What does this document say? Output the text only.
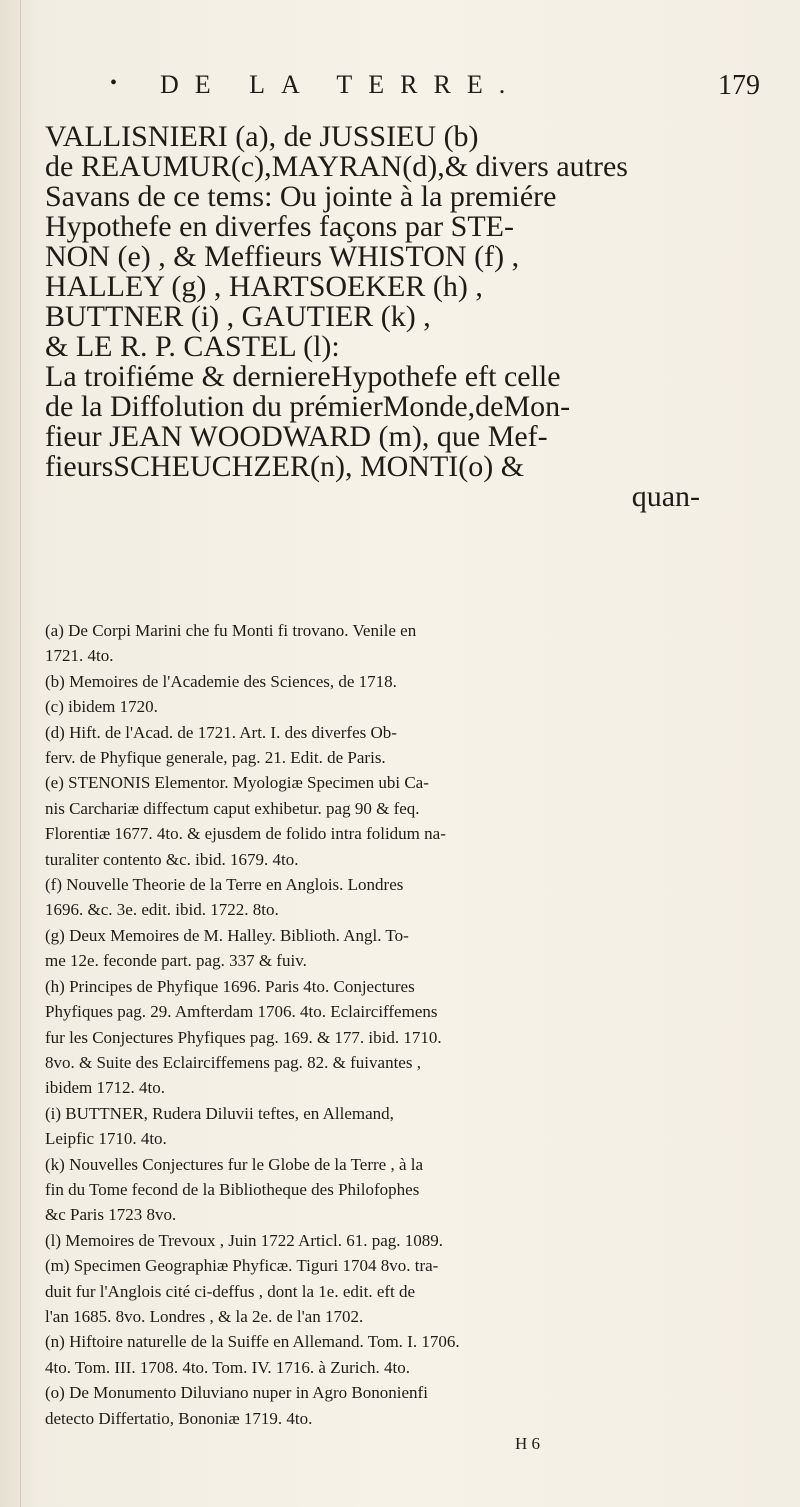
• DE LA TERRE.	179

VALLISNIERI (a), de JUSSIEU (b)

de REAUMUR(c),MAYRAN(d),& divers autres

Savans de ce tems: Ou jointe à la premiére

Hypothefe en diverfes façons par STE-

NON (e) , & Meffieurs WHISTON (f) ,

HALLEY (g) , HARTSOEKER (h) ,

BUTTNER (i) , GAUTIER (k) ,

& LE R. P. CASTEL (l):

La troifiéme & derniereHypothefe eft celle

de la Diffolution du prémierMonde,deMon-

fieur JEAN WOODWARD (m), que Mef-

fieursSCHEUCHZER(n), MONTI(o) &

quan-

(a) De Corpi Marini che fu Monti fi trovano. Venile en

1721. 4to.

(b) Memoires de l'Academie des Sciences, de 1718.

(c) ibidem 1720.

(d) Hift. de l'Acad. de 1721. Art. I. des diverfes Ob-

ferv. de Phyfique generale, pag. 21. Edit. de Paris.

(e) STENONIS Elementor. Myologiæ Specimen ubi Ca-

nis Carchariæ diffectum caput exhibetur. pag 90 & feq.

Florentiæ 1677. 4to. & ejusdem de folido intra folidum na-

turaliter contento &c. ibid. 1679. 4to.

(f) Nouvelle Theorie de la Terre en Anglois. Londres

1696. &c. 3e. edit. ibid. 1722. 8to.

(g) Deux Memoires de M. Halley. Biblioth. Angl. To-

me 12e. feconde part. pag. 337 & fuiv.

(h) Principes de Phyfique 1696. Paris 4to. Conjectures

Phyfiques pag. 29. Amfterdam 1706. 4to. Eclairciffemens

fur les Conjectures Phyfiques pag. 169. & 177. ibid. 1710.

8vo. & Suite des Eclairciffemens pag. 82. & fuivantes ,

ibidem 1712. 4to.

(i) BUTTNER, Rudera Diluvii teftes, en Allemand,

Leipfic 1710. 4to.

(k) Nouvelles Conjectures fur le Globe de la Terre , à la

fin du Tome fecond de la Bibliotheque des Philofophes

&c Paris 1723 8vo.

(l) Memoires de Trevoux , Juin 1722 Articl. 61. pag. 1089.

(m) Specimen Geographiæ Phyficæ. Tiguri 1704 8vo. tra-

duit fur l'Anglois cité ci-deffus , dont la 1e. edit. eft de

l'an 1685. 8vo. Londres , & la 2e. de l'an 1702.

(n) Hiftoire naturelle de la Suiffe en Allemand. Tom. I. 1706.

4to. Tom. III. 1708. 4to. Tom. IV. 1716. à Zurich. 4to.

(o) De Monumento Diluviano nuper in Agro Bononienfi

detecto Differtatio, Bononiæ 1719. 4to.

H 6
